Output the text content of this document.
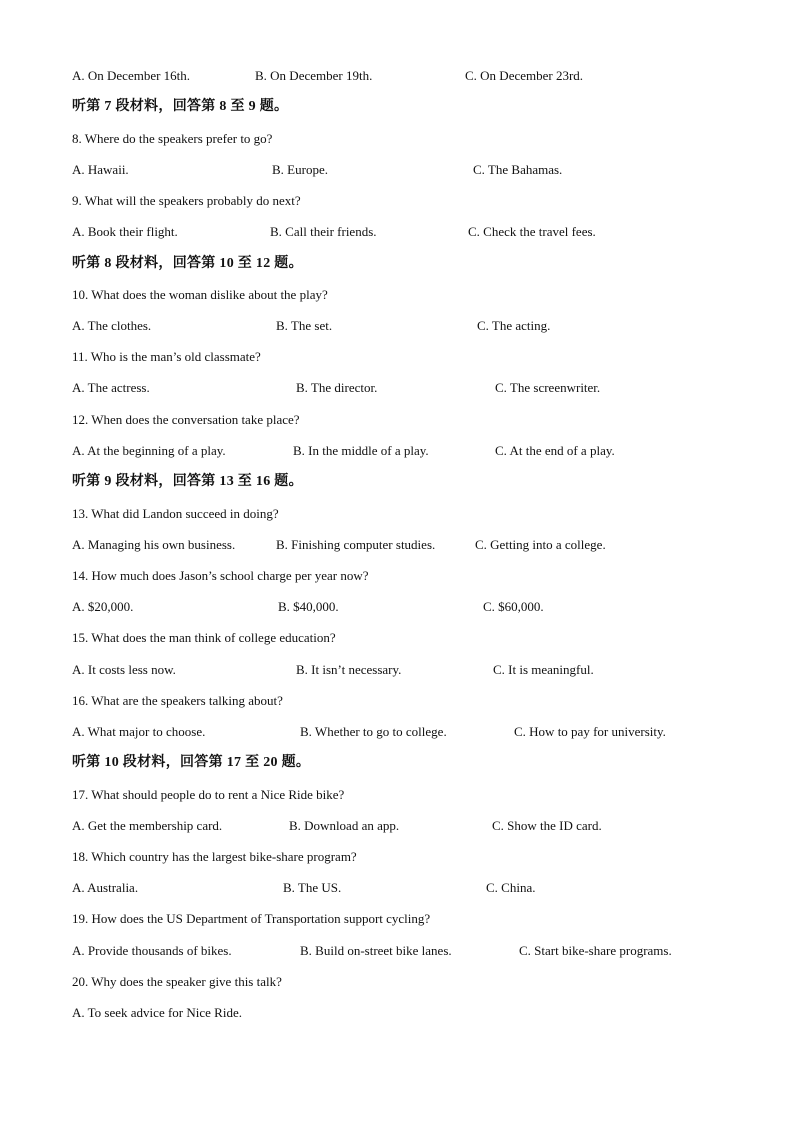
A. On December 16th.	B. On December 19th.	C. On December 23rd.
听第 7 段材料，回答第 8 至 9 题。
8. Where do the speakers prefer to go?
A. Hawaii.	B. Europe.	C. The Bahamas.
9. What will the speakers probably do next?
A. Book their flight.	B. Call their friends.	C. Check the travel fees.
听第 8 段材料，回答第 10 至 12 题。
10. What does the woman dislike about the play?
A. The clothes.	B. The set.	C. The acting.
11. Who is the man’s old classmate?
A. The actress.	B. The director.	C. The screenwriter.
12. When does the conversation take place?
A. At the beginning of a play.	B. In the middle of a play.	C. At the end of a play.
听第 9 段材料，回答第 13 至 16 题。
13. What did Landon succeed in doing?
A. Managing his own business.	B. Finishing computer studies.	C. Getting into a college.
14. How much does Jason’s school charge per year now?
A. $20,000.	B. $40,000.	C. $60,000.
15. What does the man think of college education?
A. It costs less now.	B. It isn’t necessary.	C. It is meaningful.
16. What are the speakers talking about?
A. What major to choose.	B. Whether to go to college.	C. How to pay for university.
听第 10 段材料，回答第 17 至 20 题。
17. What should people do to rent a Nice Ride bike?
A. Get the membership card.	B. Download an app.	C. Show the ID card.
18. Which country has the largest bike-share program?
A. Australia.	B. The US.	C. China.
19. How does the US Department of Transportation support cycling?
A. Provide thousands of bikes.	B. Build on-street bike lanes.	C. Start bike-share programs.
20. Why does the speaker give this talk?
A. To seek advice for Nice Ride.
